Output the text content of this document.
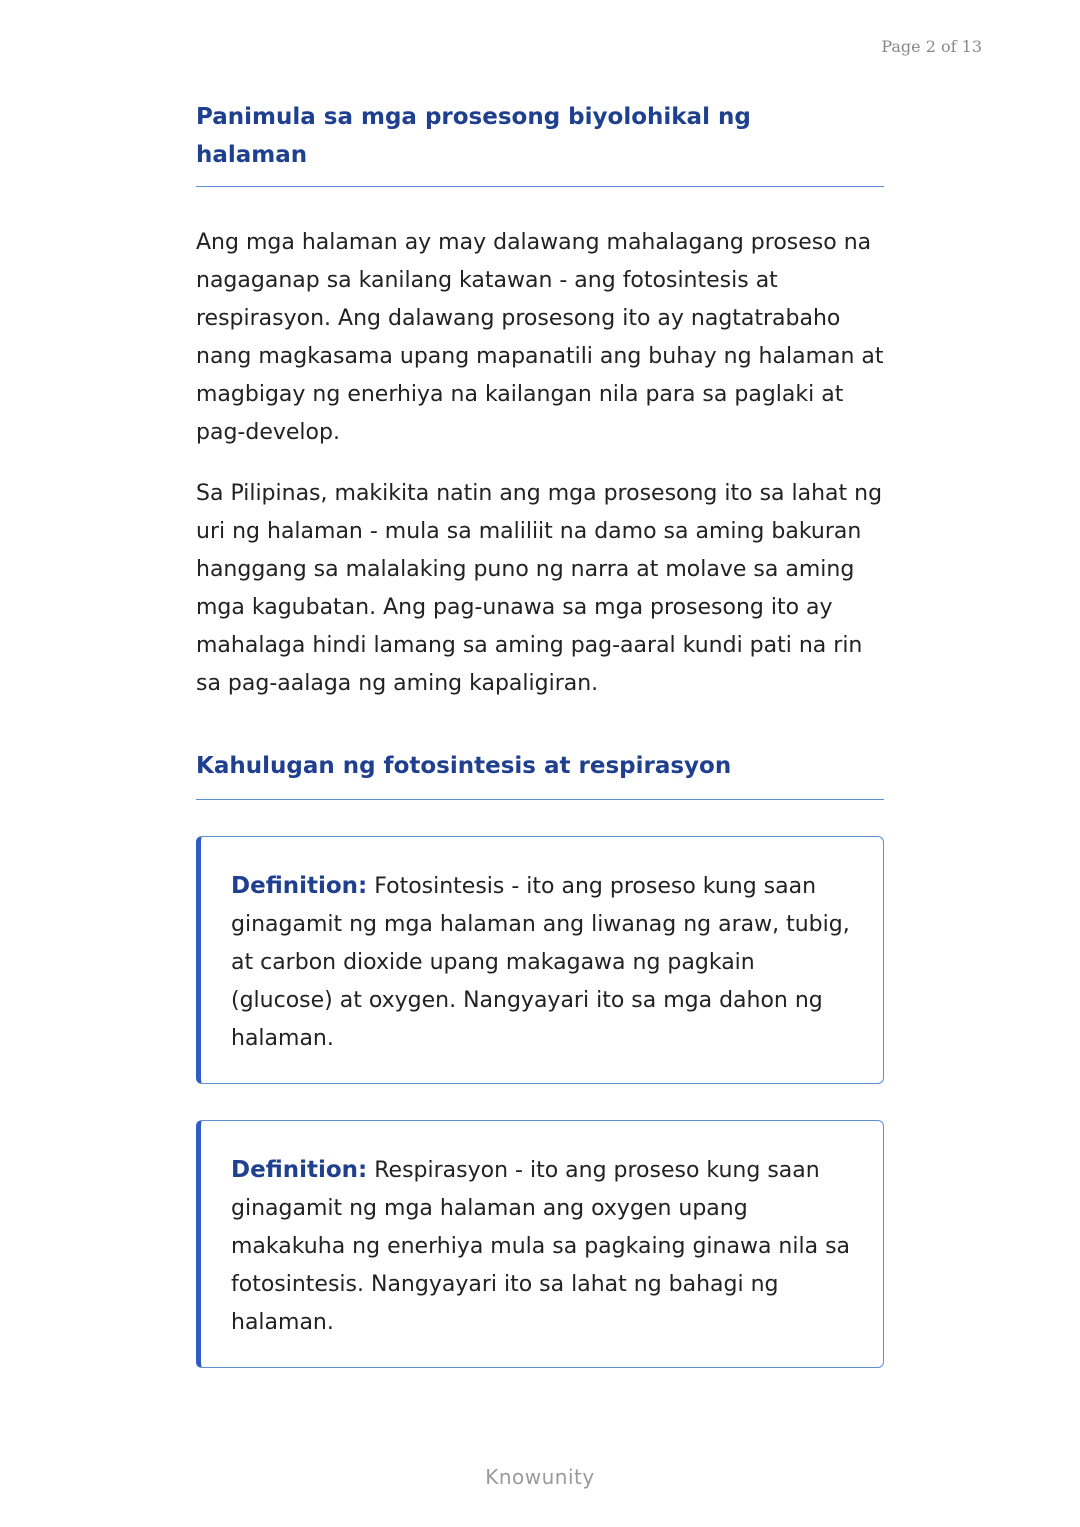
Page 2 of 13
Panimula sa mga prosesong biyolohikal ng halaman

Ang mga halaman ay may dalawang mahalagang proseso na nagaganap sa kanilang katawan - ang fotosintesis at respirasyon. Ang dalawang prosesong ito ay nagtatrabaho nang magkasama upang mapanatili ang buhay ng halaman at magbigay ng enerhiya na kailangan nila para sa paglaki at pag-develop.

Sa Pilipinas, makikita natin ang mga prosesong ito sa lahat ng uri ng halaman - mula sa maliliit na damo sa aming bakuran hanggang sa malalaking puno ng narra at molave sa aming mga kagubatan. Ang pag-unawa sa mga prosesong ito ay mahalaga hindi lamang sa aming pag-aaral kundi pati na rin sa pag-aalaga ng aming kapaligiran.

Kahulugan ng fotosintesis at respirasyon

Definition: Fotosintesis - ito ang proseso kung saan ginagamit ng mga halaman ang liwanag ng araw, tubig, at carbon dioxide upang makagawa ng pagkain (glucose) at oxygen. Nangyayari ito sa mga dahon ng halaman.

Definition: Respirasyon - ito ang proseso kung saan ginagamit ng mga halaman ang oxygen upang makakuha ng enerhiya mula sa pagkaing ginawa nila sa fotosintesis. Nangyayari ito sa lahat ng bahagi ng halaman.

Knowunity
